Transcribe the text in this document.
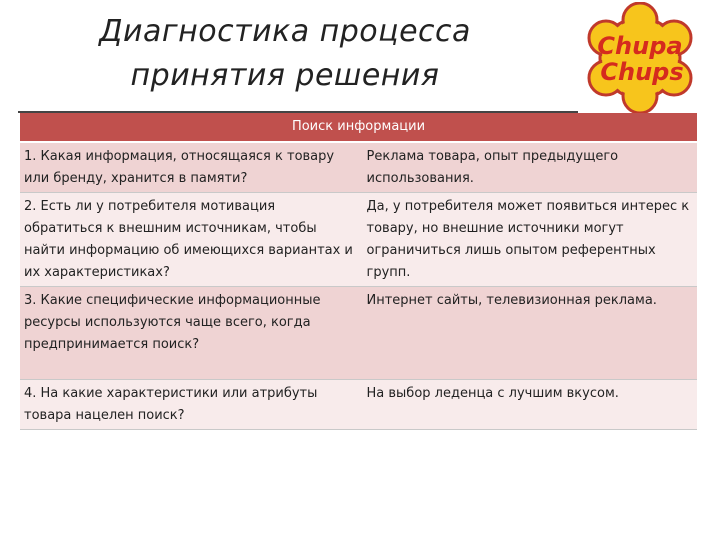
Диагностика процесса
принятия решения
Chupa
Chups
Поиск информации	
1. Какая информация, относящаяся к товару или бренду, хранится в памяти?	Реклама товара, опыт предыдущего использования.
2. Есть ли у потребителя мотивация обратиться к внешним источникам, чтобы найти информацию об имеющихся вариантах и их характеристиках?	Да, у потребителя может появиться интерес к товару, но внешние источники могут ограничиться лишь опытом референтных групп.
3. Какие специфические информационные ресурсы используются чаще всего, когда предпринимается поиск?	Интернет сайты, телевизионная реклама.
4. На какие характеристики или атрибуты товара нацелен поиск?	На выбор леденца с лучшим вкусом.
